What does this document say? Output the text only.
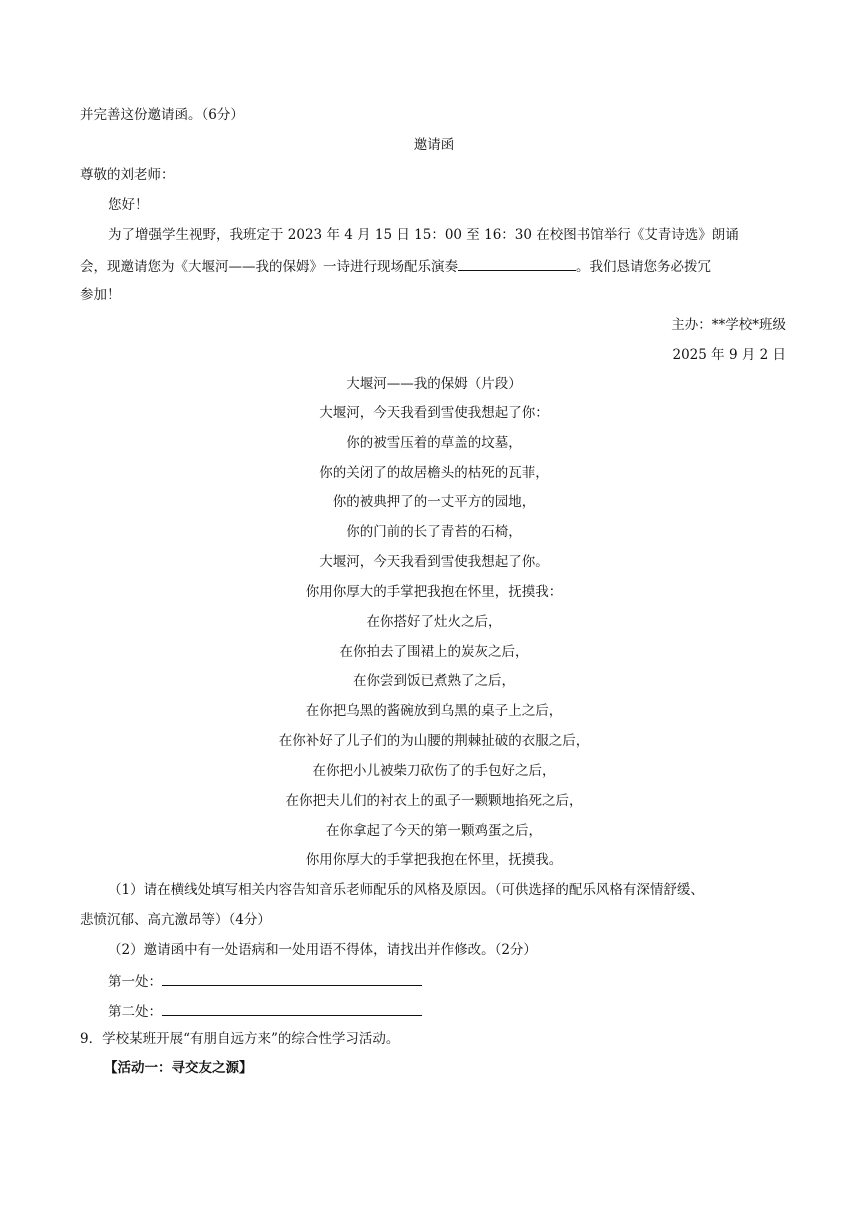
并完善这份邀请函。（6分）
邀请函
尊敬的刘老师：
您好！
为了增强学生视野，我班定于 2023 年 4 月 15 日 15：00 至 16：30 在校图书馆举行《艾青诗选》朗诵
会，现邀请您为《大堰河——我的保姆》一诗进行现场配乐演奏	。我们恳请您务必拨冗
参加！
主办：**学校*班级
2025 年 9 月 2 日
大堰河——我的保姆（片段）
大堰河，今天我看到雪使我想起了你：
你的被雪压着的草盖的坟墓，
你的关闭了的故居檐头的枯死的瓦菲，
你的被典押了的一丈平方的园地，
你的门前的长了青苔的石椅，
大堰河，今天我看到雪使我想起了你。
你用你厚大的手掌把我抱在怀里，抚摸我：
在你搭好了灶火之后，
在你拍去了围裙上的炭灰之后，
在你尝到饭已煮熟了之后，
在你把乌黑的酱碗放到乌黑的桌子上之后，
在你补好了儿子们的为山腰的荆棘扯破的衣服之后，
在你把小儿被柴刀砍伤了的手包好之后，
在你把夫儿们的衬衣上的虱子一颗颗地掐死之后，
在你拿起了今天的第一颗鸡蛋之后，
你用你厚大的手掌把我抱在怀里，抚摸我。
（1）请在横线处填写相关内容告知音乐老师配乐的风格及原因。（可供选择的配乐风格有深情舒缓、
悲愤沉郁、高亢激昂等）（4分）
（2）邀请函中有一处语病和一处用语不得体，请找出并作修改。（2分）
第一处：
第二处：
9．学校某班开展“有朋自远方来”的综合性学习活动。
【活动一：寻交友之源】
